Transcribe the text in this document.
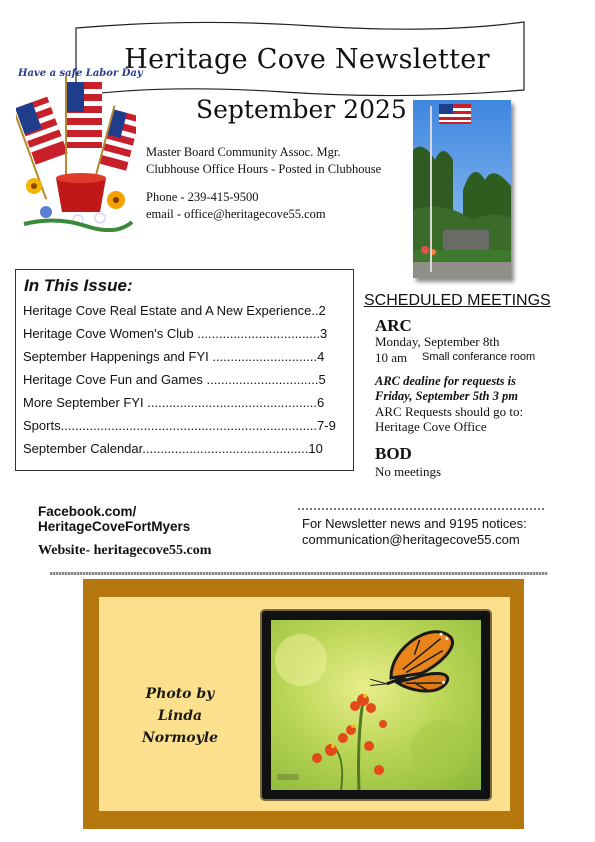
Heritage Cove Newsletter
September 2025
Have a safe Labor Day
Master Board Community Assoc. Mgr.
Clubhouse Office Hours - Posted in Clubhouse
Phone - 239-415-9500
email - office@heritagecove55.com
In This Issue:
Heritage Cove Real Estate and A New Experience..2
Heritage Cove Women's Club ..................................3
September Happenings and FYI .............................4
Heritage Cove Fun and Games ...............................5
More September FYI ...............................................6
Sports.......................................................................7-9
September Calendar..............................................10
SCHEDULED MEETINGS
ARC
Monday, September 8th
10 am Small conferance room
ARC dealine for requests is
Friday, September 5th 3 pm
ARC Requests should go to:
Heritage Cove Office
BOD
No meetings
Facebook.com/
HeritageCoveFortMyers
Website- heritagecove55.com
For Newsletter news and 9195 notices:
communication@heritagecove55.com
Photo by
Linda Normoyle
